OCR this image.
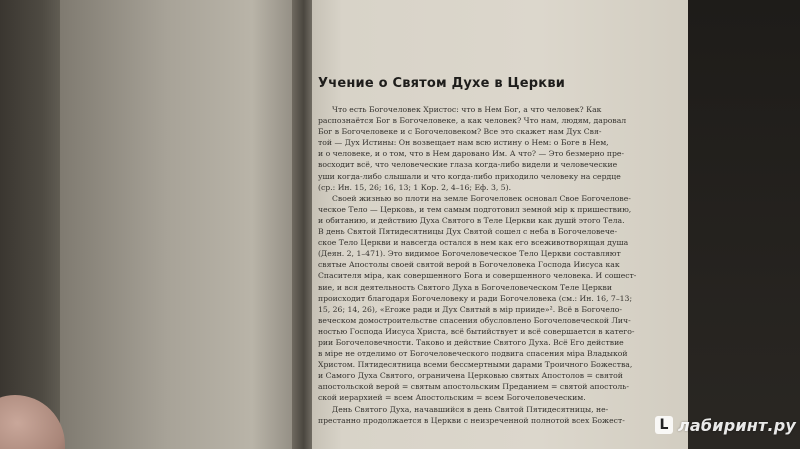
Учение о Святом Духе в Церкви
Что есть Богочеловек Христос: что в Нем Бог, а что человек? Как
распознаётся Бог в Богочеловеке, а как человек? Что нам, людям, даровал
Бог в Богочеловеке и с Богочеловеком? Все это скажет нам Дух Свя-
той — Дух Истины: Он возвещает нам всю истину о Нем: о Боге в Нем,
и о человеке, и о том, что в Нем даровано Им. А что? — Это безмерно пре-
восходит всё, что человеческие глаза когда-либо видели и человеческие
уши когда-либо слышали и что когда-либо приходило человеку на сердце
(ср.: Ин. 15, 26; 16, 13; 1 Кор. 2, 4–16; Еф. 3, 5).
Своей жизнью во плоти на земле Богочеловек основал Свое Богочелове-
ческое Тело — Церковь, и тем самым подготовил земной мiр к пришествию,
и обитанию, и действию Духа Святого в Теле Церкви как душй этого Тела.
В день Святой Пятидесятницы Дух Святой сошел с неба в Богочеловече-
ское Тело Церкви и навсегда остался в нем как его всеживотворящая душа
(Деян. 2, 1–471). Это видимое Богочеловеческое Тело Церкви составляют
святые Апостолы своей святой верой в Богочеловека Господа Иисуса как
Спасителя мiра, как совершенного Бога и совершенного человека. И сошест-
вие, и вся деятельность Святого Духа в Богочеловеческом Теле Церкви
происходит благодаря Богочеловеку и ради Богочеловека (см.: Ин. 16, 7–13;
15, 26; 14, 26), «Егоже ради и Дух Святый в мiр прииде»². Всё в Богочело-
веческом домостроительстве спасения обусловлено Богочеловеческой Лич-
ностью Господа Иисуса Христа, всё бытийствует и всё совершается в катего-
рии Богочеловечности. Таково и действие Святого Духа. Всё Его действие
в мiре не отделимо от Богочеловеческого подвига спасения мiра Владыкой
Христом. Пятидесятница всеми бессмертными дарами Троичного Божества,
и Самого Духа Святого, ограничена Церковью святых Апостолов = святой
апостольской верой = святым апостольским Преданием = святой апостоль-
ской иерархией = всем Апостольским = всем Богочеловеческим.
День Святого Духа, начавшийся в день Святой Пятидесятницы, не-
престанно продолжается в Церкви с неизреченной полнотой всех Божест-	L лабиринт.ру
